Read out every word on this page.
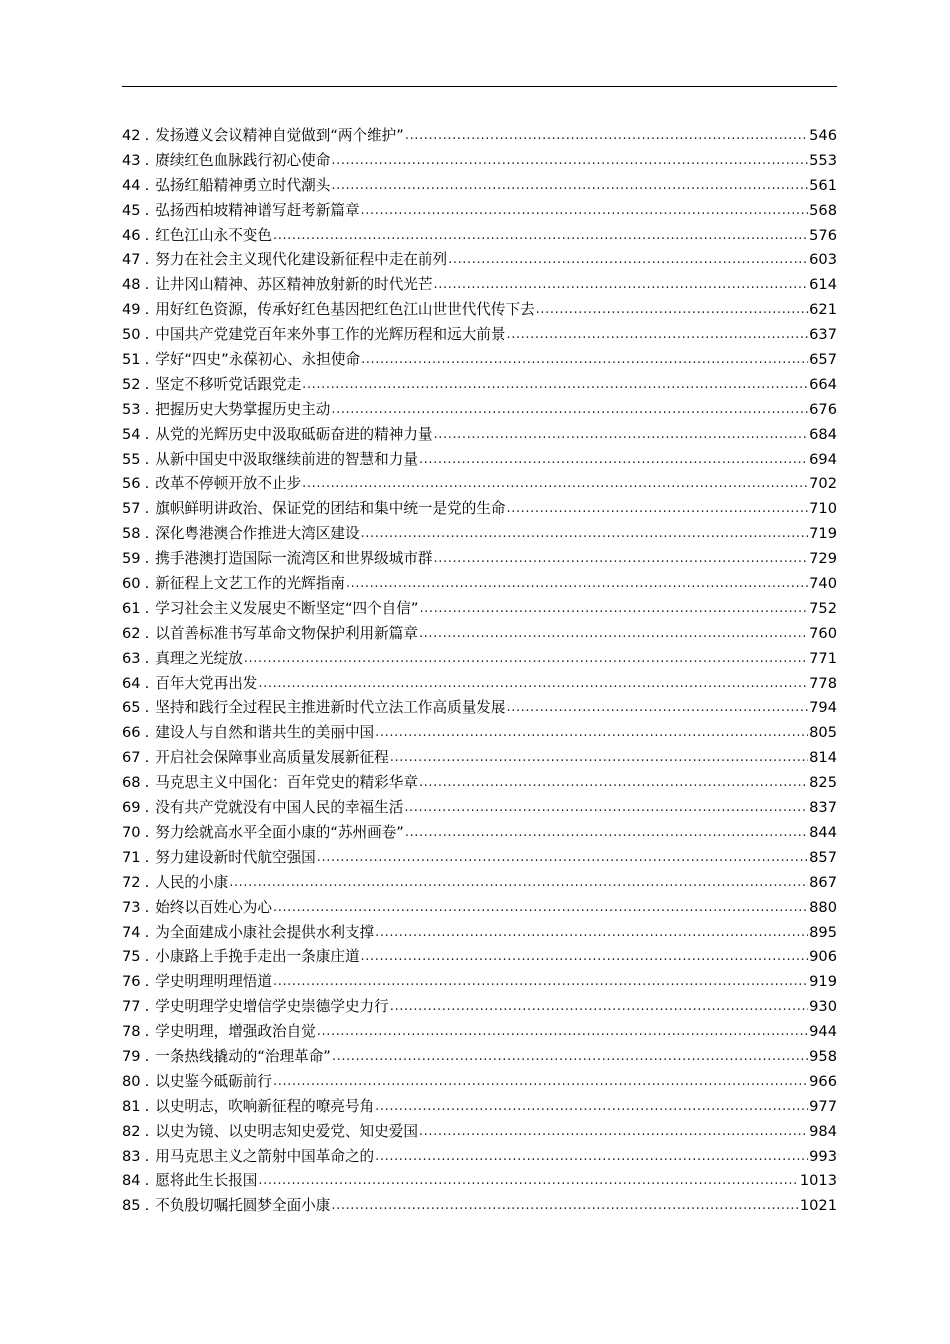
42 . 发扬遵义会议精神自觉做到“两个维护” .....	546
43 . 赓续红色血脉践行初心使命 .....	553
44 . 弘扬红船精神勇立时代潮头 .....	561
45 . 弘扬西柏坡精神谱写赶考新篇章 .....	568
46 . 红色江山永不变色 .....	576
47 . 努力在社会主义现代化建设新征程中走在前列 .....	603
48 . 让井冈山精神、苏区精神放射新的时代光芒 .....	614
49 . 用好红色资源，传承好红色基因把红色江山世世代代传下去 .....	621
50 . 中国共产党建党百年来外事工作的光辉历程和远大前景 .....	637
51 . 学好“四史”永葆初心、永担使命 .....	657
52 . 坚定不移听党话跟党走 .....	664
53 . 把握历史大势掌握历史主动 .....	676
54 . 从党的光辉历史中汲取砥砺奋进的精神力量 .....	684
55 . 从新中国史中汲取继续前进的智慧和力量 .....	694
56 . 改革不停顿开放不止步 .....	702
57 . 旗帜鲜明讲政治、保证党的团结和集中统一是党的生命 .....	710
58 . 深化粤港澳合作推进大湾区建设 .....	719
59 . 携手港澳打造国际一流湾区和世界级城市群 .....	729
60 . 新征程上文艺工作的光辉指南 .....	740
61 . 学习社会主义发展史不断坚定“四个自信” .....	752
62 . 以首善标准书写革命文物保护利用新篇章 .....	760
63 . 真理之光绽放 .....	771
64 . 百年大党再出发 .....	778
65 . 坚持和践行全过程民主推进新时代立法工作高质量发展 .....	794
66 . 建设人与自然和谐共生的美丽中国 .....	805
67 . 开启社会保障事业高质量发展新征程 .....	814
68 . 马克思主义中国化：百年党史的精彩华章 .....	825
69 . 没有共产党就没有中国人民的幸福生活 .....	837
70 . 努力绘就高水平全面小康的“苏州画卷” .....	844
71 . 努力建设新时代航空强国 .....	857
72 . 人民的小康 .....	867
73 . 始终以百姓心为心 .....	880
74 . 为全面建成小康社会提供水利支撑 .....	895
75 . 小康路上手挽手走出一条康庄道 .....	906
76 . 学史明理明理悟道 .....	919
77 . 学史明理学史增信学史崇德学史力行 .....	930
78 . 学史明理，增强政治自觉 .....	944
79 . 一条热线撬动的“治理革命” .....	958
80 . 以史鉴今砥砺前行 .....	966
81 . 以史明志，吹响新征程的嘹亮号角 .....	977
82 . 以史为镜、以史明志知史爱党、知史爱国 .....	984
83 . 用马克思主义之箭射中国革命之的 .....	993
84 . 愿将此生长报国 .....	1013
85 . 不负殷切嘱托圆梦全面小康 .....	1021
